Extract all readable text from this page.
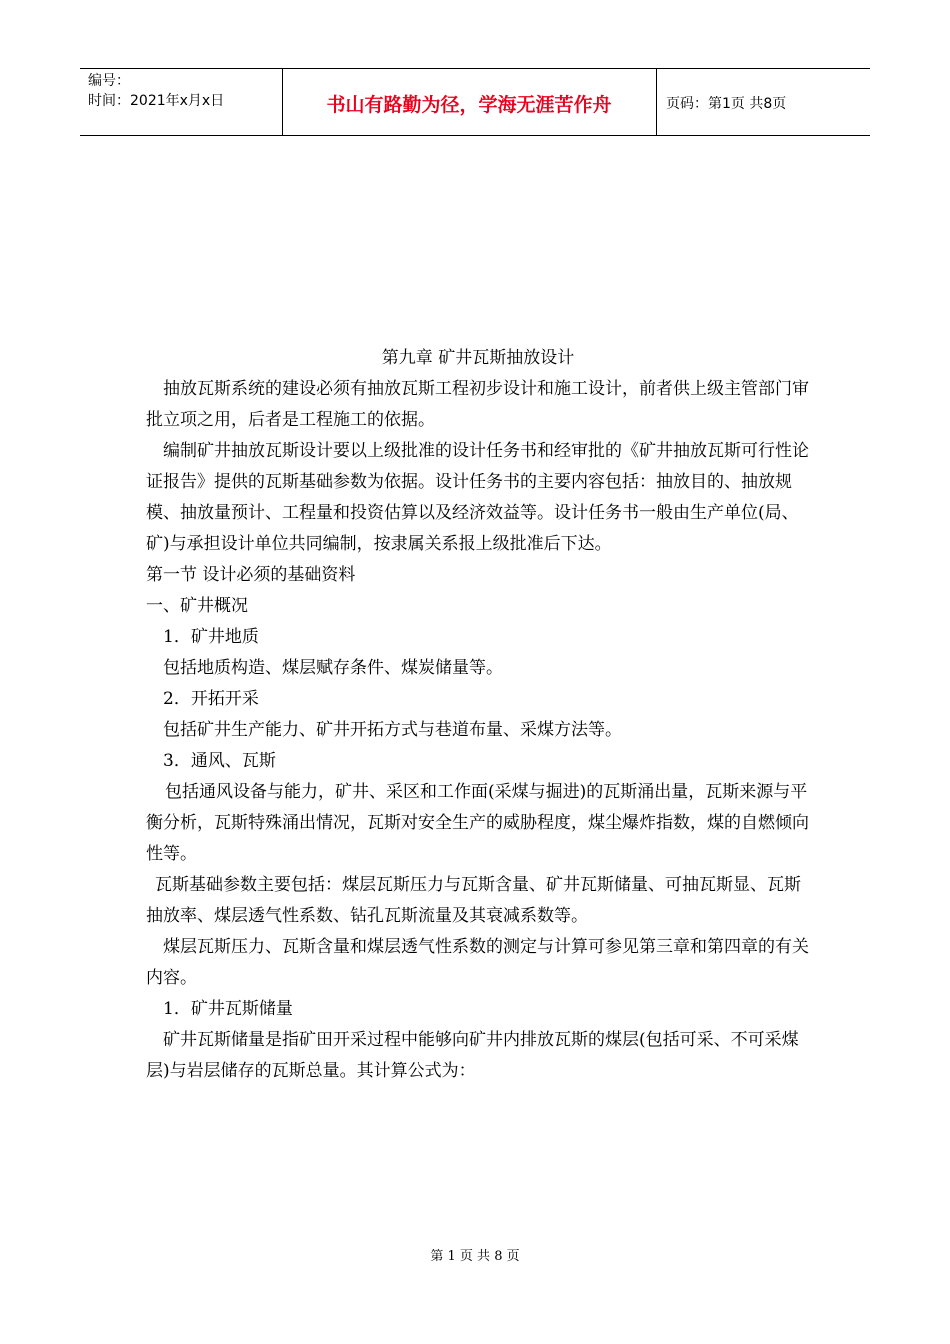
编号：
时间：2021年x月x日	书山有路勤为径，学海无涯苦作舟	页码：第1页 共8页

第九章 矿井瓦斯抽放设计

抽放瓦斯系统的建设必须有抽放瓦斯工程初步设计和施工设计，前者供上级主管部门审批立项之用，后者是工程施工的依据。

编制矿井抽放瓦斯设计要以上级批准的设计任务书和经审批的《矿井抽放瓦斯可行性论证报告》提供的瓦斯基础参数为依据。设计任务书的主要内容包括：抽放目的、抽放规模、抽放量预计、工程量和投资估算以及经济效益等。设计任务书一般由生产单位(局、矿)与承担设计单位共同编制，按隶属关系报上级批准后下达。

第一节 设计必须的基础资料

一、矿井概况

1．矿井地质

包括地质构造、煤层赋存条件、煤炭储量等。

2．开拓开采

包括矿井生产能力、矿井开拓方式与巷道布量、采煤方法等。

3．通风、瓦斯

包括通风设备与能力，矿井、采区和工作面(采煤与掘进)的瓦斯涌出量，瓦斯来源与平衡分析，瓦斯特殊涌出情况，瓦斯对安全生产的威胁程度，煤尘爆炸指数，煤的自燃倾向性等。

瓦斯基础参数主要包括：煤层瓦斯压力与瓦斯含量、矿井瓦斯储量、可抽瓦斯显、瓦斯抽放率、煤层透气性系数、钻孔瓦斯流量及其衰减系数等。

煤层瓦斯压力、瓦斯含量和煤层透气性系数的测定与计算可参见第三章和第四章的有关内容。

1．矿井瓦斯储量

矿井瓦斯储量是指矿田开采过程中能够向矿井内排放瓦斯的煤层(包括可采、不可采煤层)与岩层储存的瓦斯总量。其计算公式为：

第 1 页 共 8 页
